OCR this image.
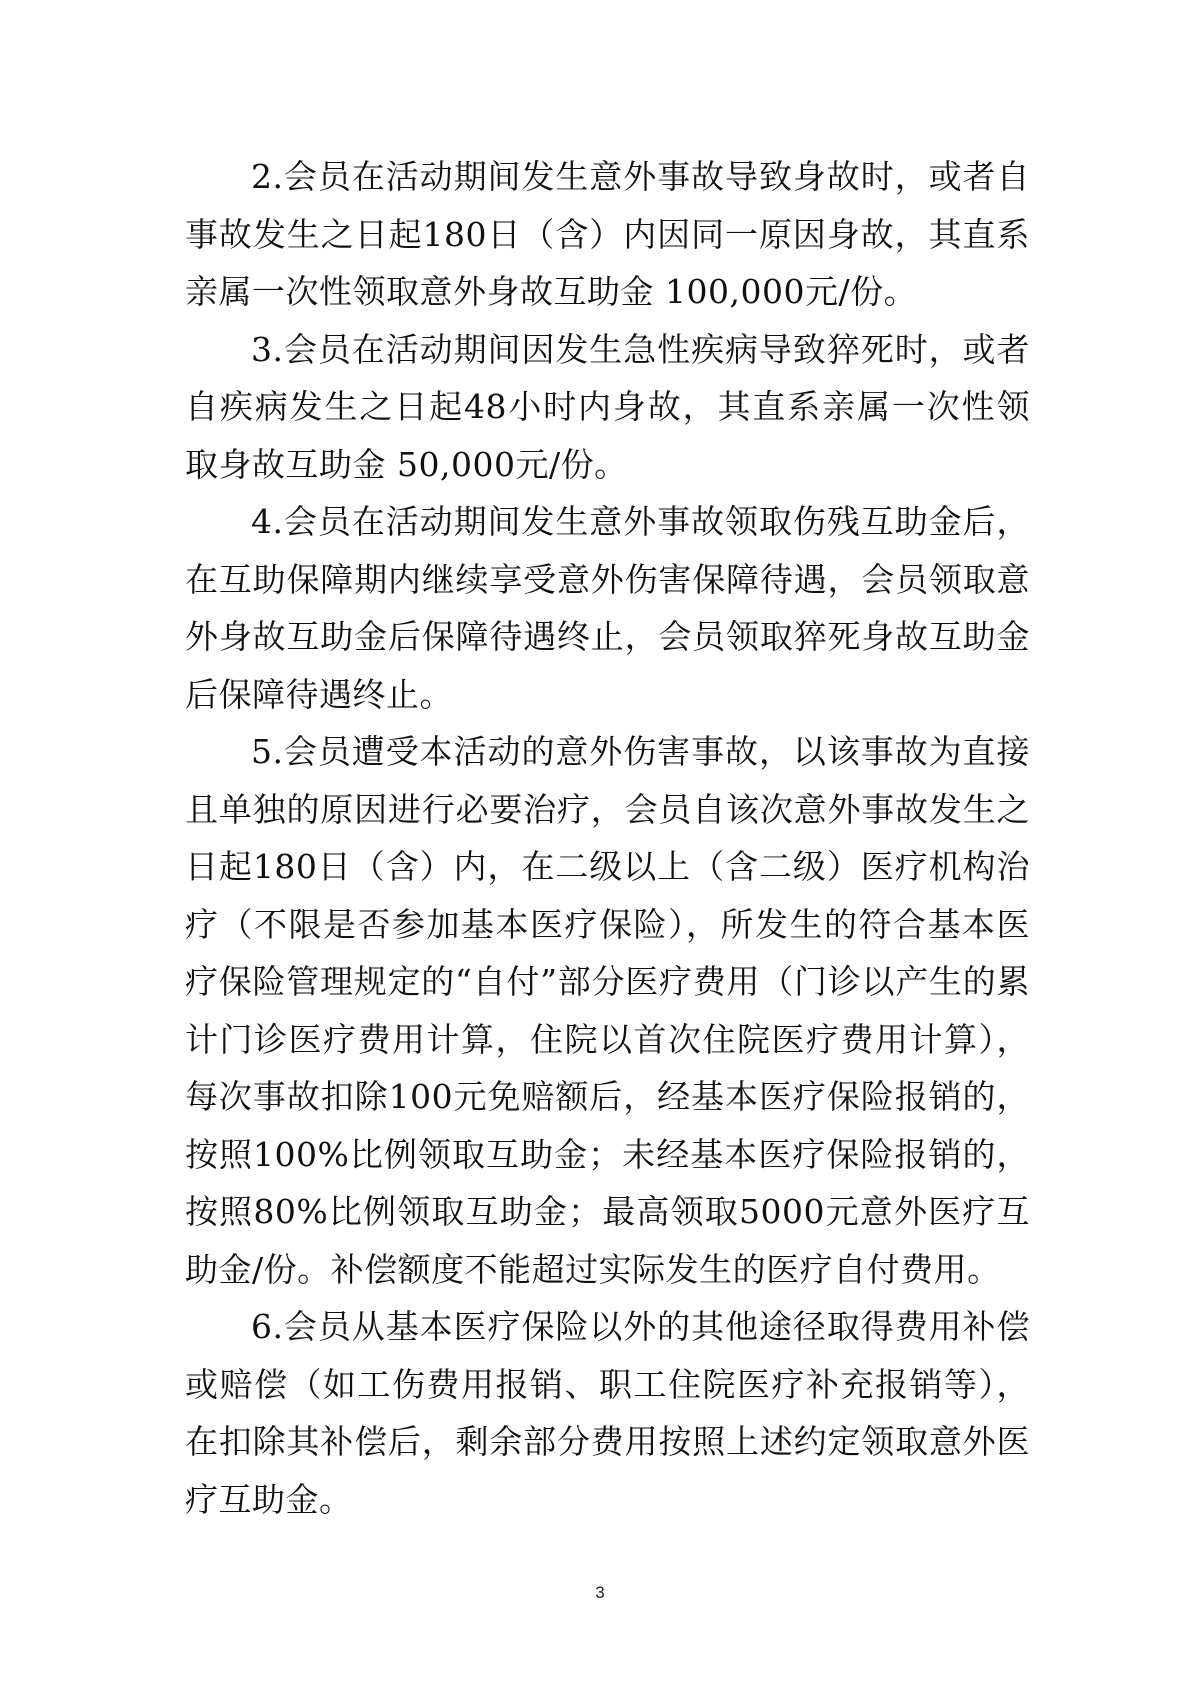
2.会员在活动期间发生意外事故导致身故时，或者自事故发生之日起180日（含）内因同一原因身故，其直系亲属一次性领取意外身故互助金 100,000元/份。

3.会员在活动期间因发生急性疾病导致猝死时，或者自疾病发生之日起48小时内身故，其直系亲属一次性领取身故互助金 50,000元/份。

4.会员在活动期间发生意外事故领取伤残互助金后，在互助保障期内继续享受意外伤害保障待遇，会员领取意外身故互助金后保障待遇终止，会员领取猝死身故互助金后保障待遇终止。

5.会员遭受本活动的意外伤害事故，以该事故为直接且单独的原因进行必要治疗，会员自该次意外事故发生之日起180日（含）内，在二级以上（含二级）医疗机构治疗（不限是否参加基本医疗保险），所发生的符合基本医疗保险管理规定的“自付”部分医疗费用（门诊以产生的累计门诊医疗费用计算，住院以首次住院医疗费用计算），每次事故扣除100元免赔额后，经基本医疗保险报销的，按照100%比例领取互助金；未经基本医疗保险报销的，按照80%比例领取互助金；最高领取5000元意外医疗互助金/份。补偿额度不能超过实际发生的医疗自付费用。

6.会员从基本医疗保险以外的其他途径取得费用补偿或赔偿（如工伤费用报销、职工住院医疗补充报销等），在扣除其补偿后，剩余部分费用按照上述约定领取意外医疗互助金。

3
